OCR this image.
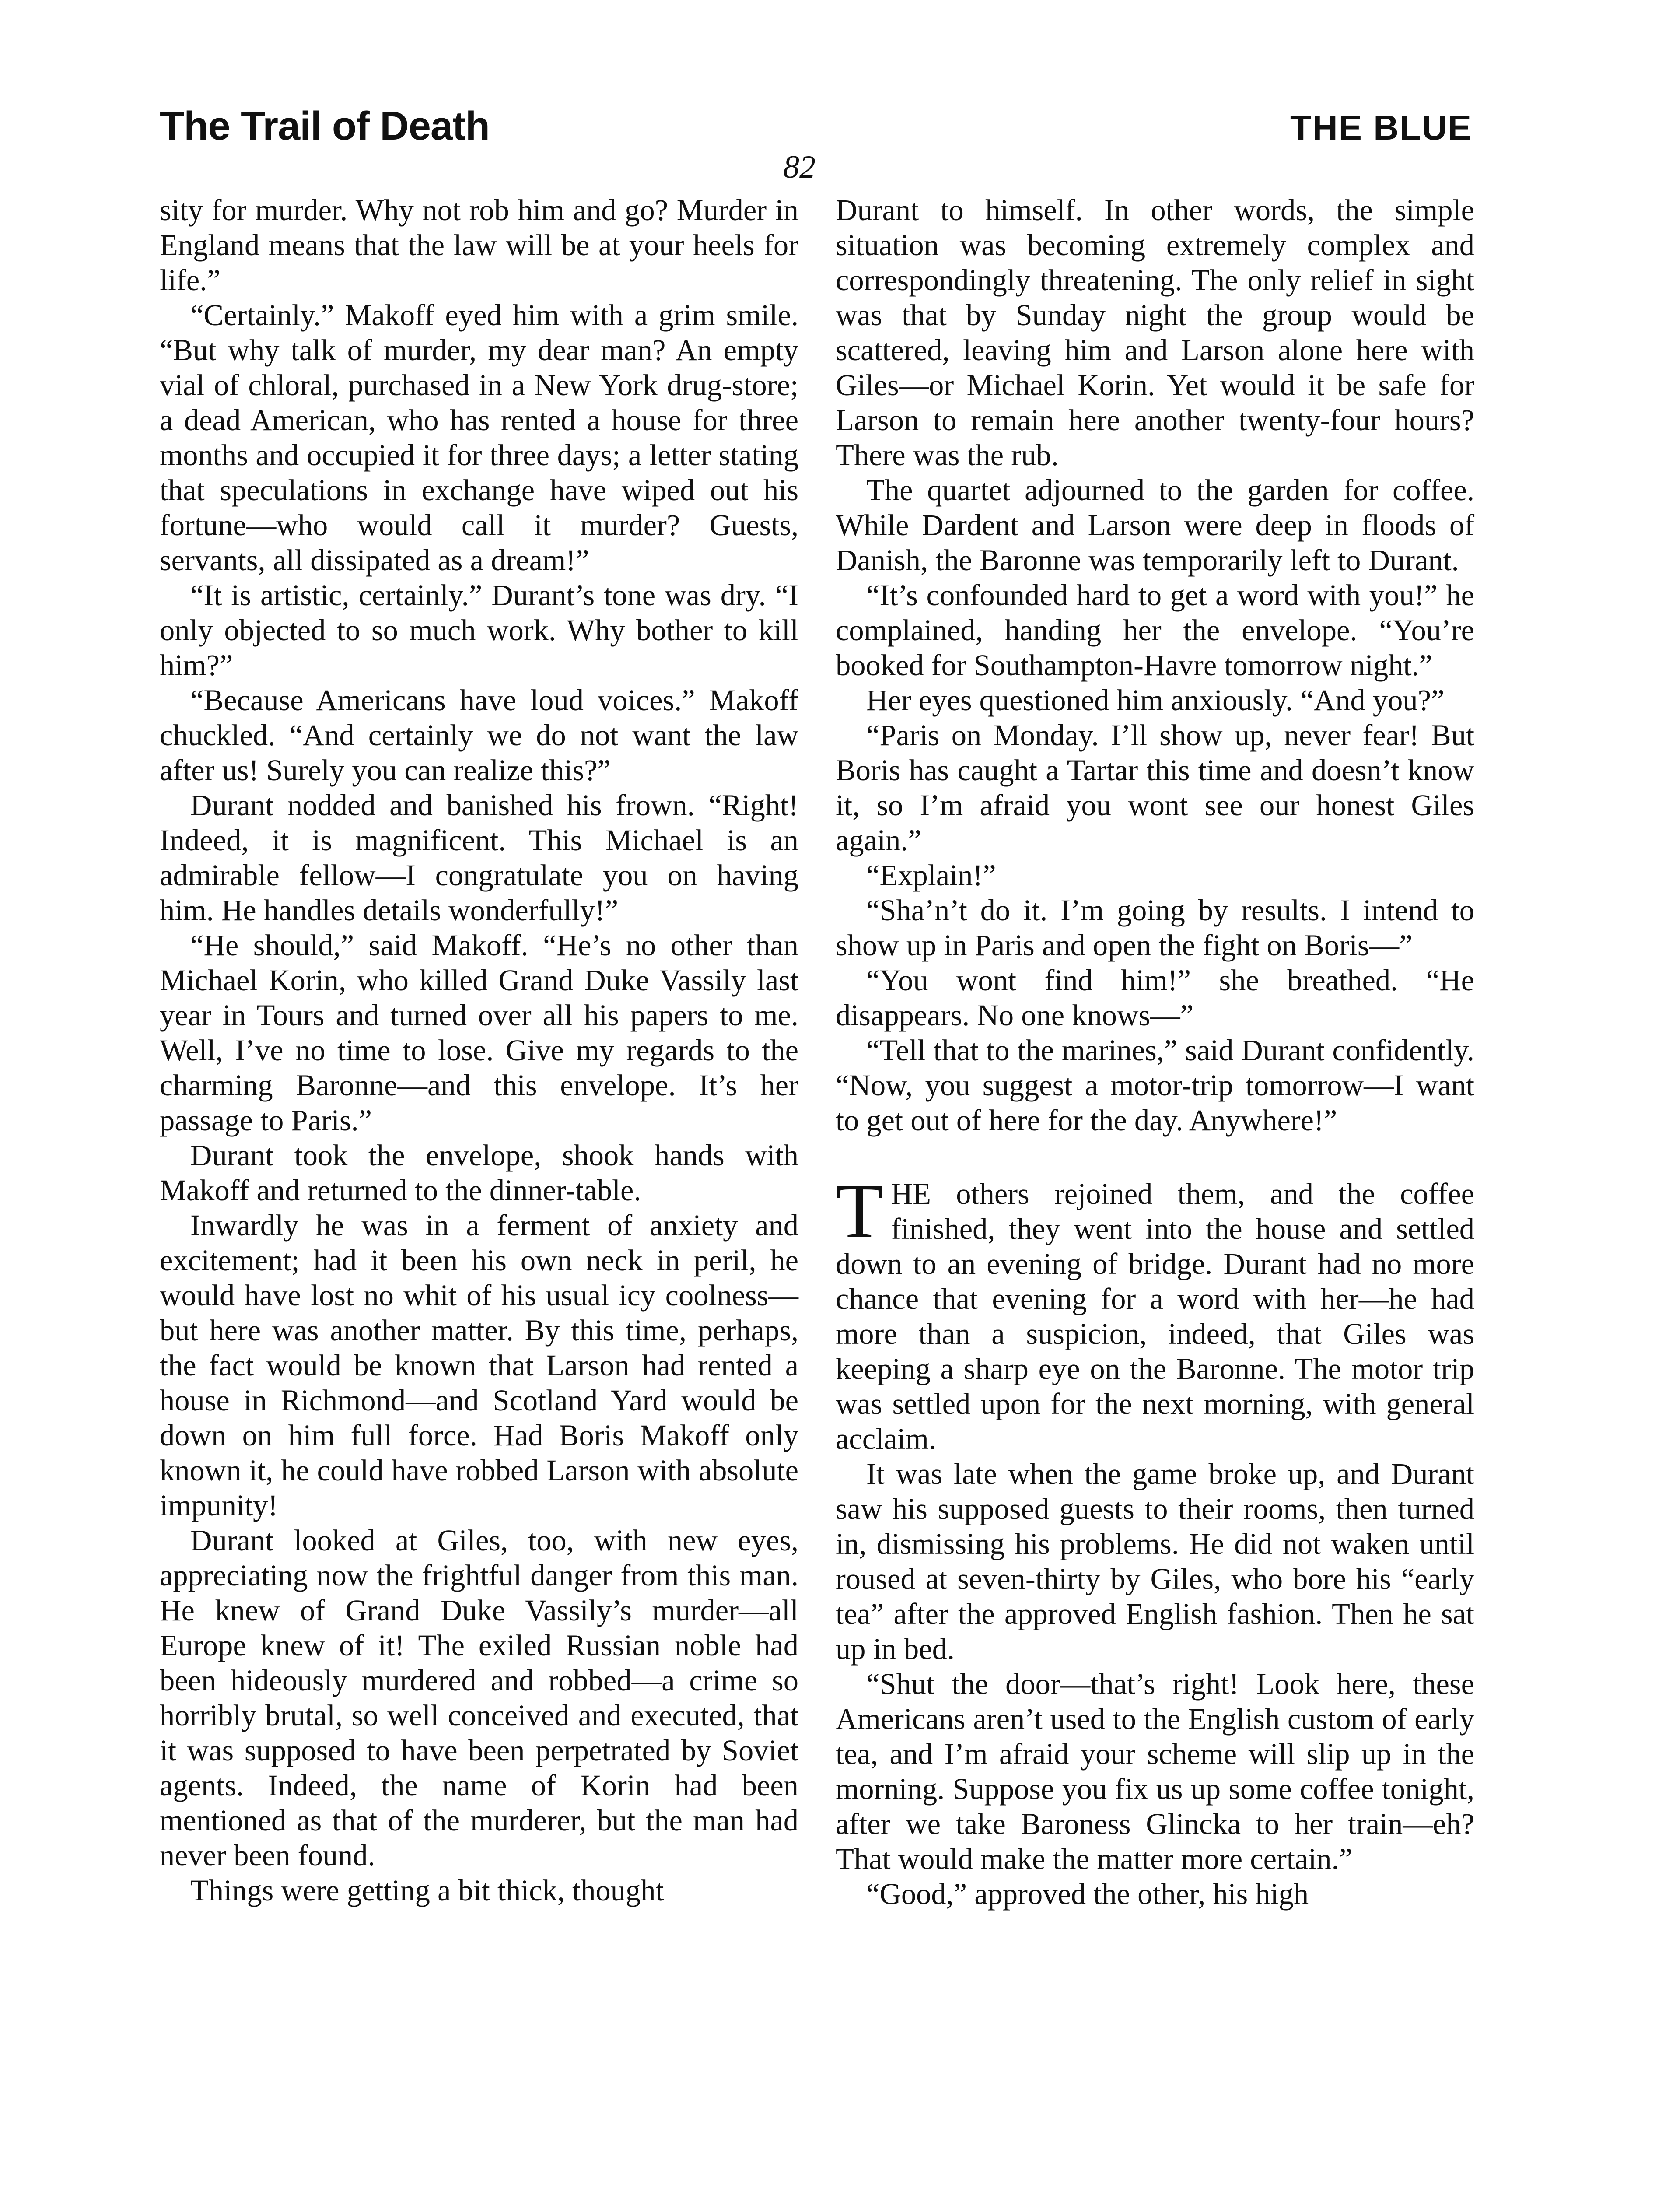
The Trail of Death	THE BLUE
82

sity for murder. Why not rob him and go? Murder in England means that the law will be at your heels for life.”

“Certainly.” Makoff eyed him with a grim smile. “But why talk of murder, my dear man? An empty vial of chloral, purchased in a New York drug-store; a dead American, who has rented a house for three months and occupied it for three days; a letter stating that speculations in exchange have wiped out his fortune—who would call it murder? Guests, servants, all dissipated as a dream!”

“It is artistic, certainly.” Durant’s tone was dry. “I only objected to so much work. Why bother to kill him?”

“Because Americans have loud voices.” Makoff chuckled. “And certainly we do not want the law after us! Surely you can realize this?”

Durant nodded and banished his frown. “Right! Indeed, it is magnificent. This Michael is an admirable fellow—I congratulate you on having him. He handles details wonderfully!”

“He should,” said Makoff. “He’s no other than Michael Korin, who killed Grand Duke Vassily last year in Tours and turned over all his papers to me. Well, I’ve no time to lose. Give my regards to the charming Baronne—and this envelope. It’s her passage to Paris.”

Durant took the envelope, shook hands with Makoff and returned to the dinner-table.

Inwardly he was in a ferment of anxiety and excitement; had it been his own neck in peril, he would have lost no whit of his usual icy coolness—but here was another matter. By this time, perhaps, the fact would be known that Larson had rented a house in Richmond—and Scotland Yard would be down on him full force. Had Boris Makoff only known it, he could have robbed Larson with absolute impunity!

Durant looked at Giles, too, with new eyes, appreciating now the frightful danger from this man. He knew of Grand Duke Vassily’s murder—all Europe knew of it! The exiled Russian noble had been hideously murdered and robbed—a crime so horribly brutal, so well conceived and executed, that it was supposed to have been perpetrated by Soviet agents. Indeed, the name of Korin had been mentioned as that of the murderer, but the man had never been found.

Things were getting a bit thick, thought

Durant to himself. In other words, the simple situation was becoming extremely complex and correspondingly threatening. The only relief in sight was that by Sunday night the group would be scattered, leaving him and Larson alone here with Giles—or Michael Korin. Yet would it be safe for Larson to remain here another twenty-four hours? There was the rub.

The quartet adjourned to the garden for coffee. While Dardent and Larson were deep in floods of Danish, the Baronne was temporarily left to Durant.

“It’s confounded hard to get a word with you!” he complained, handing her the envelope. “You’re booked for Southampton-Havre tomorrow night.”

Her eyes questioned him anxiously. “And you?”

“Paris on Monday. I’ll show up, never fear! But Boris has caught a Tartar this time and doesn’t know it, so I’m afraid you wont see our honest Giles again.”

“Explain!”

“Sha’n’t do it. I’m going by results. I intend to show up in Paris and open the fight on Boris—”

“You wont find him!” she breathed. “He disappears. No one knows—”

“Tell that to the marines,” said Durant confidently. “Now, you suggest a motor-trip tomorrow—I want to get out of here for the day. Anywhere!”

THE others rejoined them, and the coffee finished, they went into the house and settled down to an evening of bridge. Durant had no more chance that evening for a word with her—he had more than a suspicion, indeed, that Giles was keeping a sharp eye on the Baronne. The motor trip was settled upon for the next morning, with general acclaim.

It was late when the game broke up, and Durant saw his supposed guests to their rooms, then turned in, dismissing his problems. He did not waken until roused at seven-thirty by Giles, who bore his “early tea” after the approved English fashion. Then he sat up in bed.

“Shut the door—that’s right! Look here, these Americans aren’t used to the English custom of early tea, and I’m afraid your scheme will slip up in the morning. Suppose you fix us up some coffee tonight, after we take Baroness Glincka to her train—eh? That would make the matter more certain.”

“Good,” approved the other, his high
